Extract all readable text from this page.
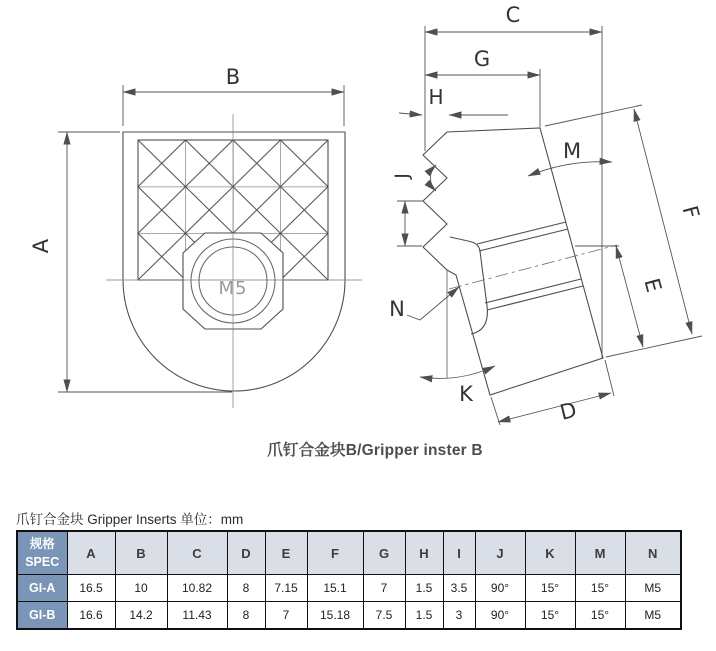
M5
A
B
C
G
H
J
M
F
E
D
K
N
爪钉合金块B/Gripper inster B
爪钉合金块 Gripper Inserts 单位：mm
规格
SPEC	A	B	C	D	E	F	G	H	I	J	K	M	N
GI-A	16.5	10	10.82	8	7.15	15.1	7	1.5	3.5	90°	15°	15°	M5
GI-B	16.6	14.2	11.43	8	7	15.18	7.5	1.5	3	90°	15°	15°	M5
